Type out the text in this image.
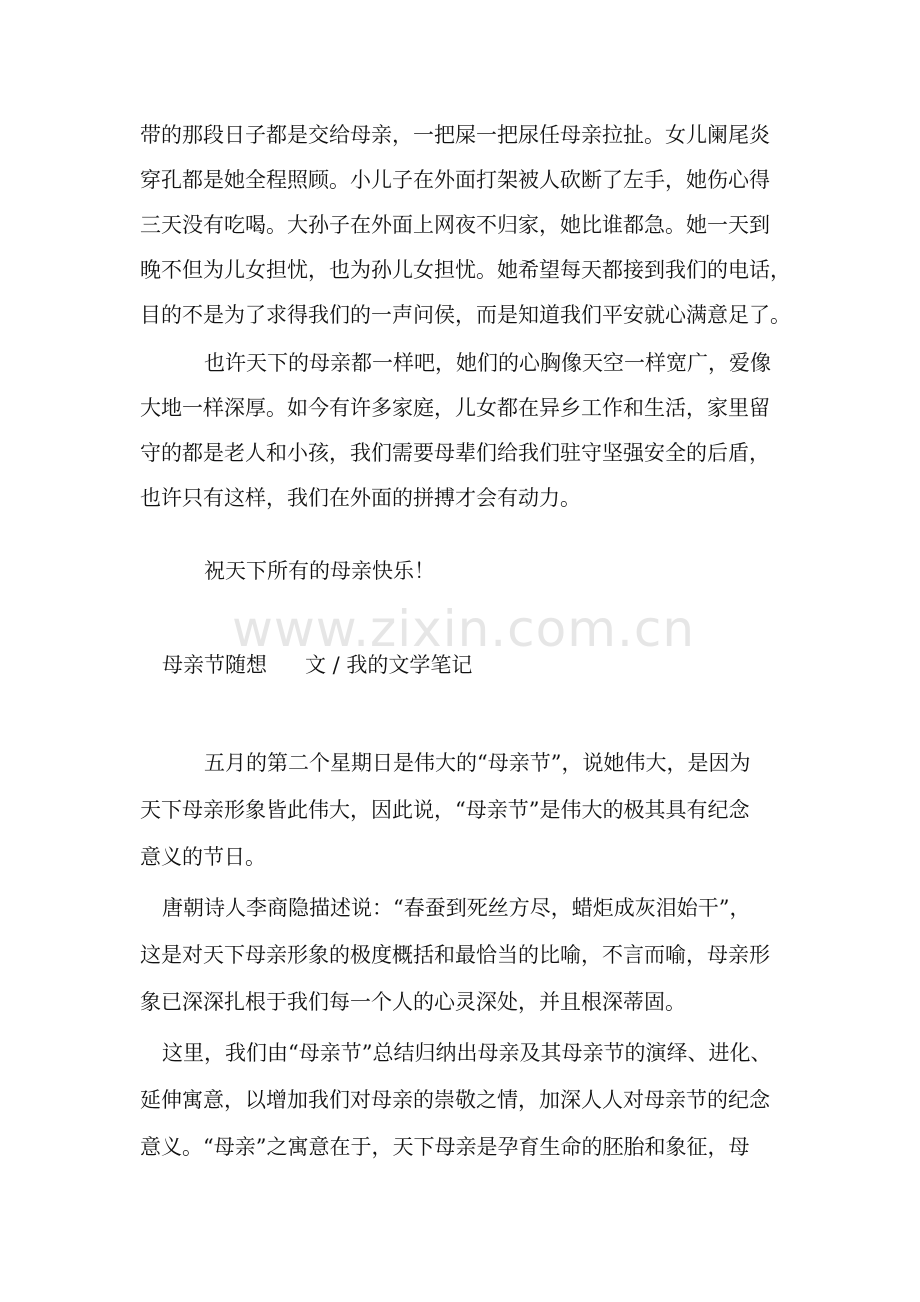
www.zixin.com.cn
带的那段日子都是交给母亲，一把屎一把尿任母亲拉扯。女儿阑尾炎
穿孔都是她全程照顾。小儿子在外面打架被人砍断了左手，她伤心得
三天没有吃喝。大孙子在外面上网夜不归家，她比谁都急。她一天到
晚不但为儿女担忧，也为孙儿女担忧。她希望每天都接到我们的电话，
目的不是为了求得我们的一声问侯，而是知道我们平安就心满意足了。
也许天下的母亲都一样吧，她们的心胸像天空一样宽广，爱像
大地一样深厚。如今有许多家庭，儿女都在异乡工作和生活，家里留
守的都是老人和小孩，我们需要母辈们给我们驻守坚强安全的后盾，
也许只有这样，我们在外面的拼搏才会有动力。
祝天下所有的母亲快乐！
母亲节随想 文 / 我的文学笔记
五月的第二个星期日是伟大的“母亲节”，说她伟大，是因为
天下母亲形象皆此伟大，因此说，“母亲节”是伟大的极其具有纪念
意义的节日。
唐朝诗人李商隐描述说：“春蚕到死丝方尽，蜡炬成灰泪始干”，
这是对天下母亲形象的极度概括和最恰当的比喻，不言而喻，母亲形
象已深深扎根于我们每一个人的心灵深处，并且根深蒂固。
这里，我们由“母亲节”总结归纳出母亲及其母亲节的演绎、进化、
延伸寓意，以增加我们对母亲的崇敬之情，加深人人对母亲节的纪念
意义。“母亲”之寓意在于，天下母亲是孕育生命的胚胎和象征，母
